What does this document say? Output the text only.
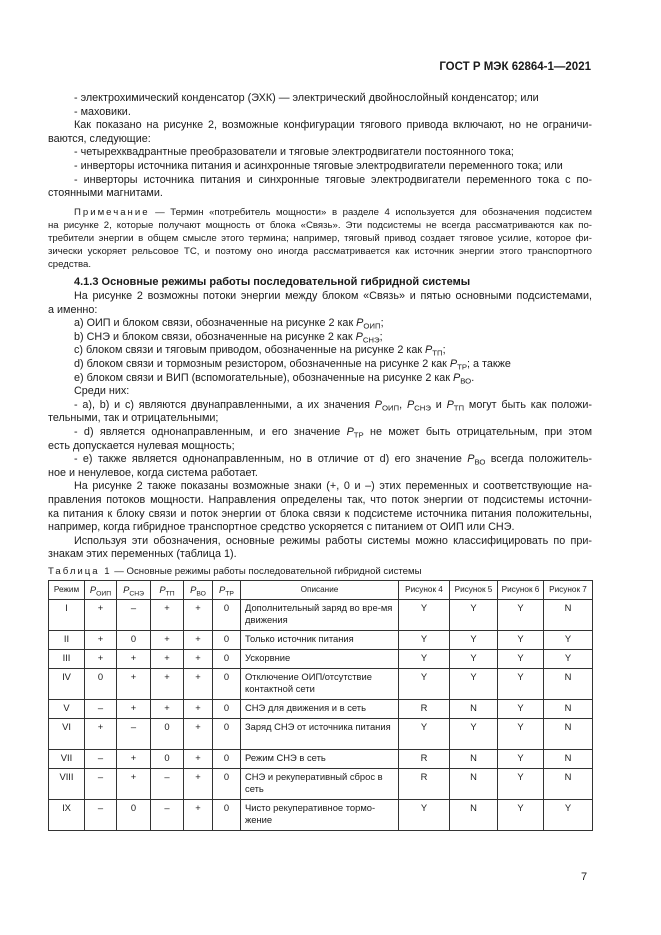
ГОСТ Р МЭК 62864-1—2021
- электрохимический конденсатор (ЭХК) — электрический двойнослойный конденсатор; или
- маховики.
Как показано на рисунке 2, возможные конфигурации тягового привода включают, но не ограничи-
ваются, следующие:
- четырехквадрантные преобразователи и тяговые электродвигатели постоянного тока;
- инверторы источника питания и асинхронные тяговые электродвигатели переменного тока; или
- инверторы источника питания и синхронные тяговые электродвигатели переменного тока с по-
стоянными магнитами.
Примечание — Термин «потребитель мощности» в разделе 4 используется для обозначения подсистем
на рисунке 2, которые получают мощность от блока «Связь». Эти подсистемы не всегда рассматриваются как по-
требители энергии в общем смысле этого термина; например, тяговый привод создает тяговое усилие, которое фи-
зически ускоряет рельсовое ТС, и поэтому оно иногда рассматривается как источник энергии этого транспортного
средства.
4.1.3 Основные режимы работы последовательной гибридной системы
На рисунке 2 возможны потоки энергии между блоком «Связь» и пятью основными подсистемами,
а именно:
a) ОИП и блоком связи, обозначенные на рисунке 2 как $P_{ОИП}$;
b) СНЭ и блоком связи, обозначенные на рисунке 2 как $P_{СНЭ}$;
c) блоком связи и тяговым приводом, обозначенные на рисунке 2 как $P_{ТП}$;
d) блоком связи и тормозным резистором, обозначенные на рисунке 2 как $P_{ТР}$; а также
e) блоком связи и ВИП (вспомогательные), обозначенные на рисунке 2 как $P_{ВО}$.
Среди них:
- а), b) и с) являются двунаправленными, а их значения $P_{ОИП}$, $P_{СНЭ}$ и $P_{ТП}$ могут быть как положи-
тельными, так и отрицательными;
- d) является однонаправленным, и его значение $P_{ТР}$ не может быть отрицательным, при этом
есть допускается нулевая мощность;
- е) также является однонаправленным, но в отличие от d) его значение $P_{ВО}$ всегда положитель-
ное и ненулевое, когда система работает.
На рисунке 2 также показаны возможные знаки (+, 0 и –) этих переменных и соответствующие на-
правления потоков мощности. Направления определены так, что поток энергии от подсистемы источни-
ка питания к блоку связи и поток энергии от блока связи к подсистеме источника питания положительны,
например, когда гибридное транспортное средство ускоряется с питанием от ОИП или СНЭ.
Используя эти обозначения, основные режимы работы системы можно классифицировать по при-
знакам этих переменных (таблица 1).
Таблица 1 — Основные режимы работы последовательной гибридной системы
Режим	$P_{ОИП}$	$P_{СНЭ}$	$P_{ТП}$	$P_{ВО}$	$P_{ТР}$	Описание	Рисунок 4	Рисунок 5	Рисунок 6	Рисунок 7
I	+	–	+	+	0	Дополнительный заряд во вре-мя движения	Y	Y	Y	N
II	+	0	+	+	0	Только источник питания	Y	Y	Y	Y
III	+	+	+	+	0	Ускорвние	Y	Y	Y	Y
IV	0	+	+	+	0	Отключение ОИП/отсутствие контактной сети	Y	Y	Y	N
V	–	+	+	+	0	СНЭ для движения и в сеть	R	N	Y	N
VI	+	–	0	+	0	Заряд СНЭ от источника питания	Y	Y	Y	N
VII	–	+	0	+	0	Режим СНЭ в сеть	R	N	Y	N
VIII	–	+	–	+	0	СНЭ и рекуперативный сброс в сеть	R	N	Y	N
IX	–	0	–	+	0	Чисто рекуперативное тормо-жение	Y	N	Y	Y
7
